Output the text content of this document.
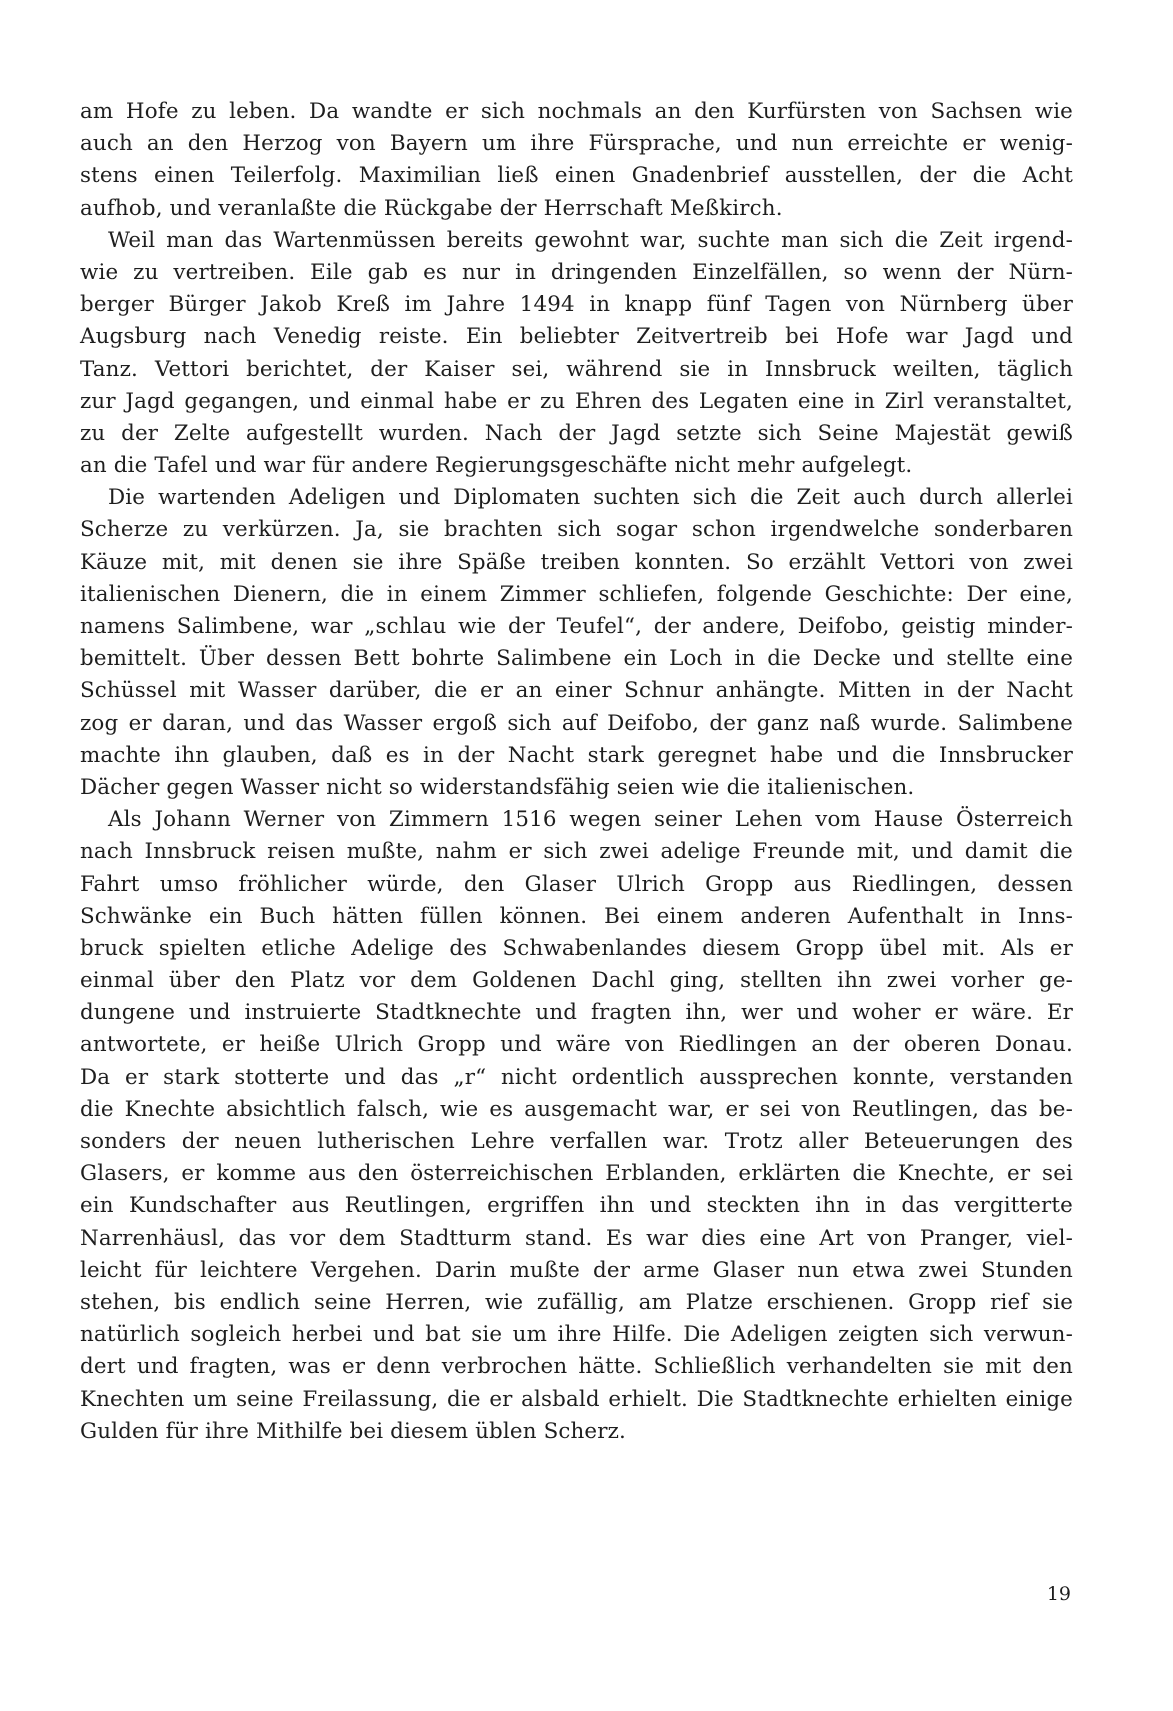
am Hofe zu leben. Da wandte er sich nochmals an den Kurfürsten von Sachsen wie
auch an den Herzog von Bayern um ihre Fürsprache, und nun erreichte er wenig-
stens einen Teilerfolg. Maximilian ließ einen Gnadenbrief ausstellen, der die Acht
aufhob, und veranlaßte die Rückgabe der Herrschaft Meßkirch.
Weil man das Wartenmüssen bereits gewohnt war, suchte man sich die Zeit irgend-
wie zu vertreiben. Eile gab es nur in dringenden Einzelfällen, so wenn der Nürn-
berger Bürger Jakob Kreß im Jahre 1494 in knapp fünf Tagen von Nürnberg über
Augsburg nach Venedig reiste. Ein beliebter Zeitvertreib bei Hofe war Jagd und
Tanz. Vettori berichtet, der Kaiser sei, während sie in Innsbruck weilten, täglich
zur Jagd gegangen, und einmal habe er zu Ehren des Legaten eine in Zirl veranstaltet,
zu der Zelte aufgestellt wurden. Nach der Jagd setzte sich Seine Majestät gewiß
an die Tafel und war für andere Regierungsgeschäfte nicht mehr aufgelegt.
Die wartenden Adeligen und Diplomaten suchten sich die Zeit auch durch allerlei
Scherze zu verkürzen. Ja, sie brachten sich sogar schon irgendwelche sonderbaren
Käuze mit, mit denen sie ihre Späße treiben konnten. So erzählt Vettori von zwei
italienischen Dienern, die in einem Zimmer schliefen, folgende Geschichte: Der eine,
namens Salimbene, war „schlau wie der Teufel“, der andere, Deifobo, geistig minder-
bemittelt. Über dessen Bett bohrte Salimbene ein Loch in die Decke und stellte eine
Schüssel mit Wasser darüber, die er an einer Schnur anhängte. Mitten in der Nacht
zog er daran, und das Wasser ergoß sich auf Deifobo, der ganz naß wurde. Salimbene
machte ihn glauben, daß es in der Nacht stark geregnet habe und die Innsbrucker
Dächer gegen Wasser nicht so widerstandsfähig seien wie die italienischen.
Als Johann Werner von Zimmern 1516 wegen seiner Lehen vom Hause Österreich
nach Innsbruck reisen mußte, nahm er sich zwei adelige Freunde mit, und damit die
Fahrt umso fröhlicher würde, den Glaser Ulrich Gropp aus Riedlingen, dessen
Schwänke ein Buch hätten füllen können. Bei einem anderen Aufenthalt in Inns-
bruck spielten etliche Adelige des Schwabenlandes diesem Gropp übel mit. Als er
einmal über den Platz vor dem Goldenen Dachl ging, stellten ihn zwei vorher ge-
dungene und instruierte Stadtknechte und fragten ihn, wer und woher er wäre. Er
antwortete, er heiße Ulrich Gropp und wäre von Riedlingen an der oberen Donau.
Da er stark stotterte und das „r“ nicht ordentlich aussprechen konnte, verstanden
die Knechte absichtlich falsch, wie es ausgemacht war, er sei von Reutlingen, das be-
sonders der neuen lutherischen Lehre verfallen war. Trotz aller Beteuerungen des
Glasers, er komme aus den österreichischen Erblanden, erklärten die Knechte, er sei
ein Kundschafter aus Reutlingen, ergriffen ihn und steckten ihn in das vergitterte
Narrenhäusl, das vor dem Stadtturm stand. Es war dies eine Art von Pranger, viel-
leicht für leichtere Vergehen. Darin mußte der arme Glaser nun etwa zwei Stunden
stehen, bis endlich seine Herren, wie zufällig, am Platze erschienen. Gropp rief sie
natürlich sogleich herbei und bat sie um ihre Hilfe. Die Adeligen zeigten sich verwun-
dert und fragten, was er denn verbrochen hätte. Schließlich verhandelten sie mit den
Knechten um seine Freilassung, die er alsbald erhielt. Die Stadtknechte erhielten einige
Gulden für ihre Mithilfe bei diesem üblen Scherz.
19
